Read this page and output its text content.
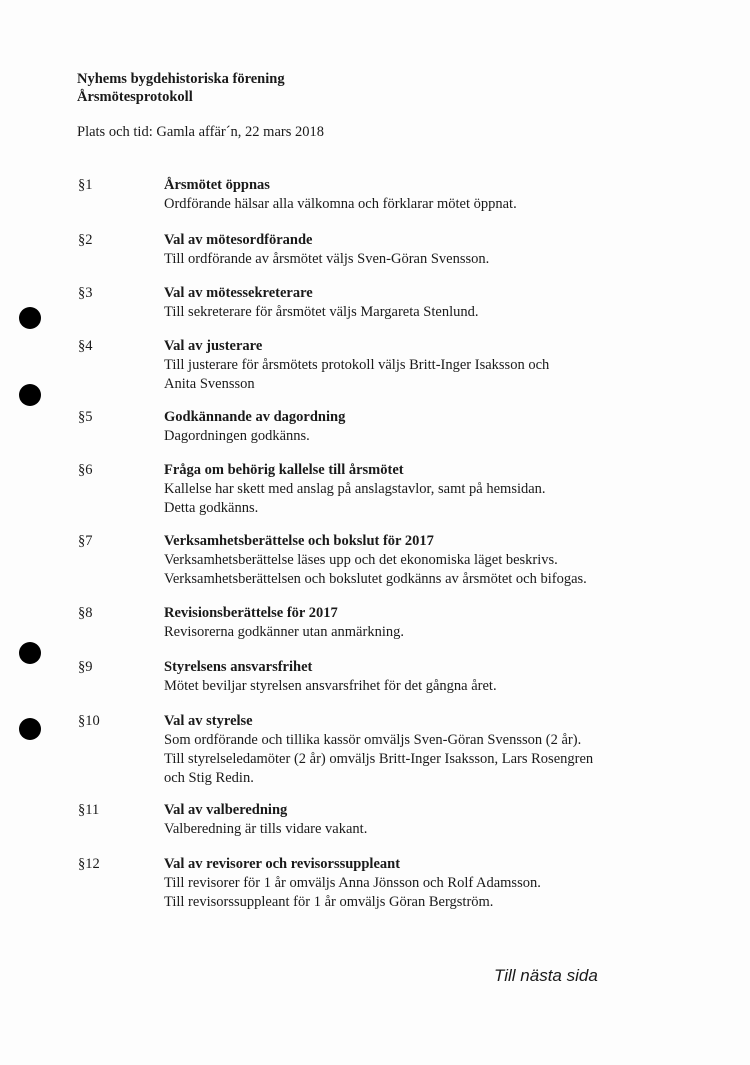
Nyhems bygdehistoriska förening
Årsmötesprotokoll
Plats och tid: Gamla affär´n, 22 mars 2018
§1	Årsmötet öppnas
Ordförande hälsar alla välkomna och förklarar mötet öppnat.
§2	Val av mötesordförande
Till ordförande av årsmötet väljs Sven-Göran Svensson.
§3	Val av mötessekreterare
Till sekreterare för årsmötet väljs Margareta Stenlund.
§4	Val av justerare
Till justerare för årsmötets protokoll väljs Britt-Inger Isaksson och
Anita Svensson
§5	Godkännande av dagordning
Dagordningen godkänns.
§6	Fråga om behörig kallelse till årsmötet
Kallelse har skett med anslag på anslagstavlor, samt på hemsidan.
Detta godkänns.
§7	Verksamhetsberättelse och bokslut för 2017
Verksamhetsberättelse läses upp och det ekonomiska läget beskrivs.
Verksamhetsberättelsen och bokslutet godkänns av årsmötet och bifogas.
§8	Revisionsberättelse för 2017
Revisorerna godkänner utan anmärkning.
§9	Styrelsens ansvarsfrihet
Mötet beviljar styrelsen ansvarsfrihet för det gångna året.
§10	Val av styrelse
Som ordförande och tillika kassör omväljs Sven-Göran Svensson (2 år).
Till styrelseledamöter (2 år) omväljs Britt-Inger Isaksson, Lars Rosengren
och Stig Redin.
§11	Val av valberedning
Valberedning är tills vidare vakant.
§12	Val av revisorer och revisorssuppleant
Till revisorer för 1 år omväljs Anna Jönsson och Rolf Adamsson.
Till revisorssuppleant för 1 år omväljs Göran Bergström.
Till nästa sida
